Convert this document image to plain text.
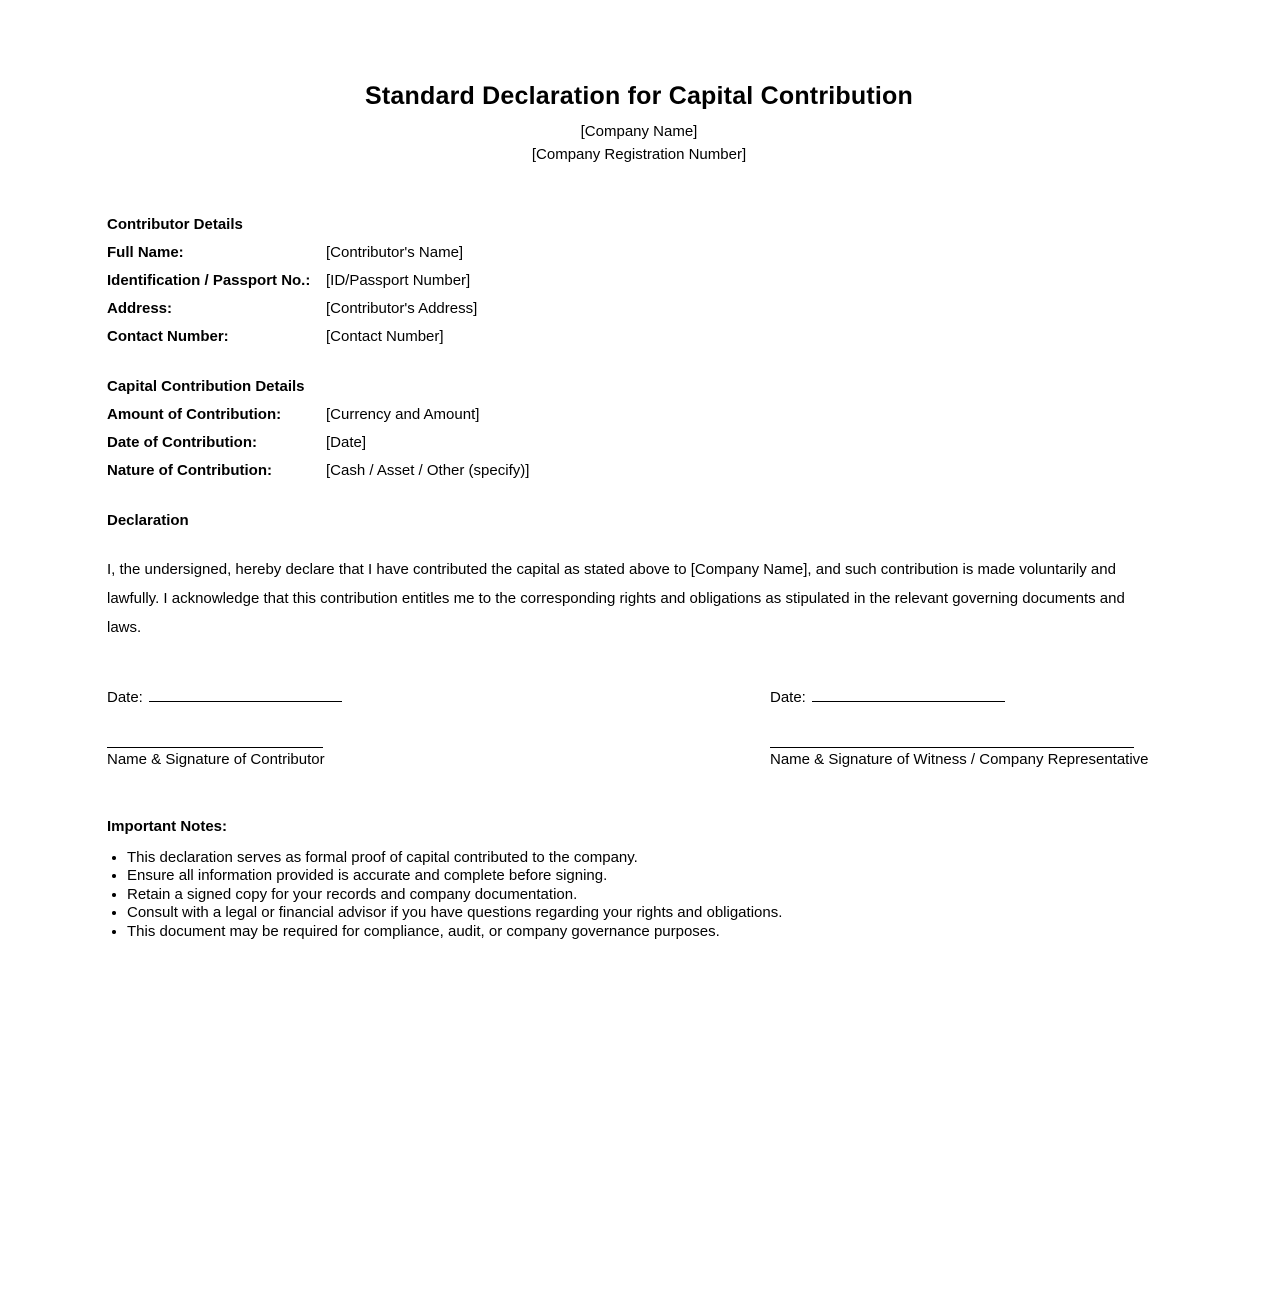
Standard Declaration for Capital Contribution
[Company Name]
[Company Registration Number]
Contributor Details
Full Name:	[Contributor's Name]
Identification / Passport No.:	[ID/Passport Number]
Address:	[Contributor's Address]
Contact Number:	[Contact Number]
Capital Contribution Details
Amount of Contribution:	[Currency and Amount]
Date of Contribution:	[Date]
Nature of Contribution:	[Cash / Asset / Other (specify)]
Declaration
I, the undersigned, hereby declare that I have contributed the capital as stated above to [Company Name], and such contribution is made voluntarily and lawfully. I acknowledge that this contribution entitles me to the corresponding rights and obligations as stipulated in the relevant governing documents and laws.
Date:
Name & Signature of Contributor
Date:
Name & Signature of Witness / Company Representative
Important Notes:
• This declaration serves as formal proof of capital contributed to the company.
• Ensure all information provided is accurate and complete before signing.
• Retain a signed copy for your records and company documentation.
• Consult with a legal or financial advisor if you have questions regarding your rights and obligations.
• This document may be required for compliance, audit, or company governance purposes.
